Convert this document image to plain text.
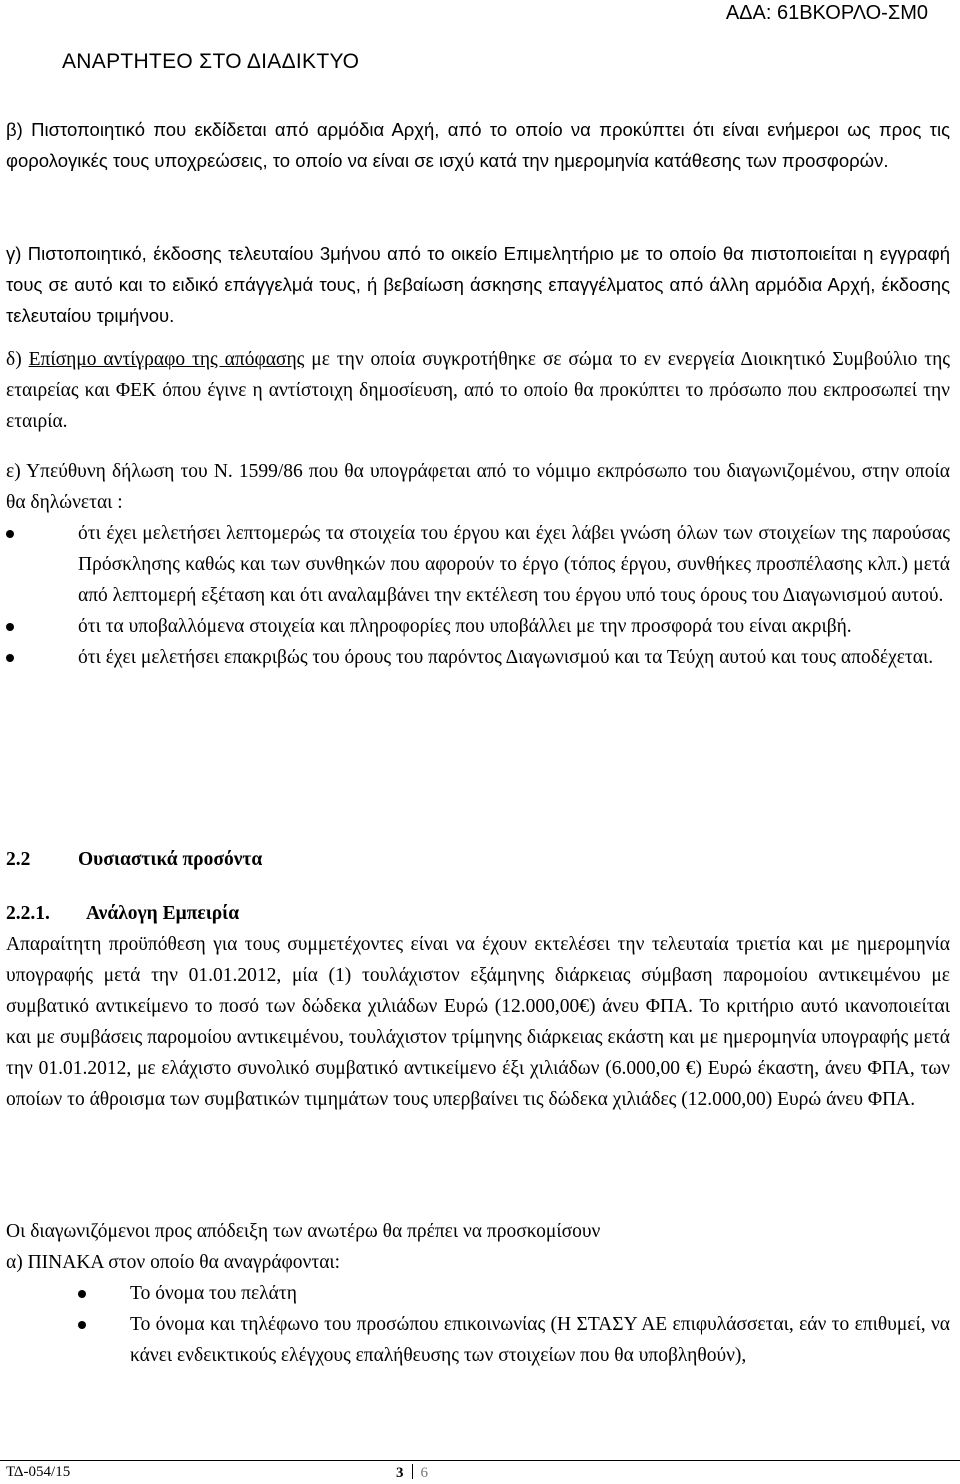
ΑΔΑ: 61ΒΚΟΡΛΟ-ΣΜ0
ΑΝΑΡΤΗΤΕΟ ΣΤΟ ΔΙΑΔΙΚΤΥΟ
β) Πιστοποιητικό που εκδίδεται από αρμόδια Αρχή, από το οποίο να προκύπτει ότι είναι ενήμεροι ως προς τις φορολογικές τους υποχρεώσεις, το οποίο να είναι σε ισχύ κατά την ημερομηνία κατάθεσης των προσφορών.
γ) Πιστοποιητικό, έκδοσης τελευταίου 3μήνου από το οικείο Επιμελητήριο με το οποίο θα πιστοποιείται η εγγραφή τους σε αυτό και το ειδικό επάγγελμά τους, ή βεβαίωση άσκησης επαγγέλματος από άλλη αρμόδια Αρχή, έκδοσης τελευταίου τριμήνου.
δ) Επίσημο αντίγραφο της απόφασης με την οποία συγκροτήθηκε σε σώμα το εν ενεργεία Διοικητικό Συμβούλιο της εταιρείας και ΦΕΚ όπου έγινε η αντίστοιχη δημοσίευση, από το οποίο θα προκύπτει το πρόσωπο που εκπροσωπεί την εταιρία.

ε) Υπεύθυνη δήλωση του Ν. 1599/86 που θα υπογράφεται από το νόμιμο εκπρόσωπο του διαγωνιζομένου, στην οποία θα δηλώνεται :

ότι έχει μελετήσει λεπτομερώς τα στοιχεία του έργου και έχει λάβει γνώση όλων των στοιχείων της παρούσας Πρόσκλησης καθώς και των συνθηκών που αφορούν το έργο (τόπος έργου, συνθήκες προσπέλασης κλπ.) μετά από λεπτομερή εξέταση και ότι αναλαμβάνει την εκτέλεση του έργου υπό τους όρους του Διαγωνισμού αυτού.
ότι τα υποβαλλόμενα στοιχεία και πληροφορίες που υποβάλλει με την προσφορά του είναι ακριβή.
ότι έχει μελετήσει επακριβώς του όρους του παρόντος Διαγωνισμού και τα Τεύχη αυτού και τους αποδέχεται.
2.2	Ουσιαστικά προσόντα
2.2.1.	Ανάλογη Εμπειρία

Απαραίτητη προϋπόθεση για τους συμμετέχοντες είναι να έχουν εκτελέσει την τελευταία τριετία και με ημερομηνία υπογραφής μετά την 01.01.2012, μία (1) τουλάχιστον εξάμηνης διάρκειας σύμβαση παρομοίου αντικειμένου με συμβατικό αντικείμενο το ποσό των δώδεκα χιλιάδων Ευρώ (12.000,00€) άνευ ΦΠΑ. Το κριτήριο αυτό ικανοποιείται και με συμβάσεις παρομοίου αντικειμένου, τουλάχιστον τρίμηνης διάρκειας εκάστη και με ημερομηνία υπογραφής μετά την 01.01.2012, με ελάχιστο συνολικό συμβατικό αντικείμενο έξι χιλιάδων (6.000,00 €) Ευρώ έκαστη, άνευ ΦΠΑ, των οποίων το άθροισμα των συμβατικών τιμημάτων τους υπερβαίνει τις δώδεκα χιλιάδες (12.000,00) Ευρώ άνευ ΦΠΑ.

Οι διαγωνιζόμενοι προς απόδειξη των ανωτέρω θα πρέπει να προσκομίσουν

α) ΠΙΝΑΚΑ στον οποίο θα αναγράφονται:

Το όνομα του πελάτη
Το όνομα και τηλέφωνο του προσώπου επικοινωνίας (Η ΣΤΑΣΥ ΑΕ επιφυλάσσεται, εάν το επιθυμεί, να κάνει ενδεικτικούς ελέγχους επαλήθευσης των στοιχείων που θα υποβληθούν),
ΤΔ-054/15	3 6
